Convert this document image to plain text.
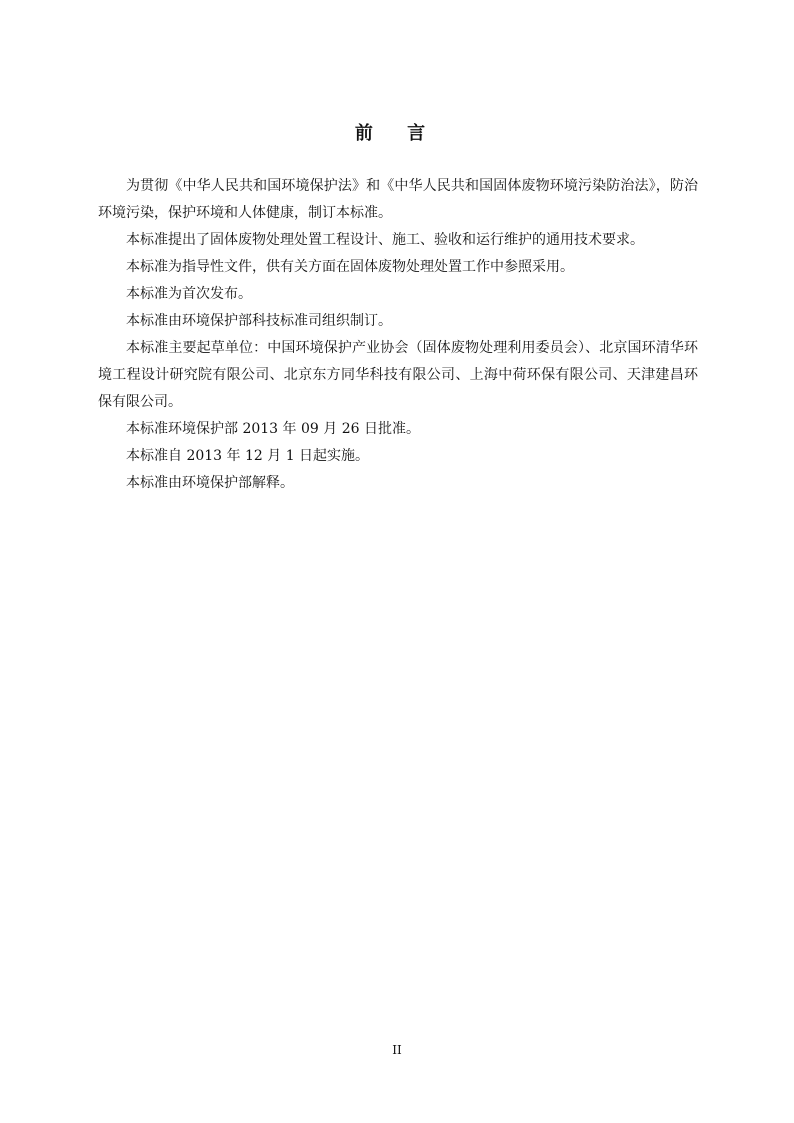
前 言

为贯彻《中华人民共和国环境保护法》和《中华人民共和国固体废物环境污染防治法》，防治环境污染，保护环境和人体健康，制订本标准。

本标准提出了固体废物处理处置工程设计、施工、验收和运行维护的通用技术要求。

本标准为指导性文件，供有关方面在固体废物处理处置工作中参照采用。

本标准为首次发布。

本标准由环境保护部科技标准司组织制订。

本标准主要起草单位：中国环境保护产业协会（固体废物处理利用委员会）、北京国环清华环境工程设计研究院有限公司、北京东方同华科技有限公司、上海中荷环保有限公司、天津建昌环保有限公司。

本标准环境保护部 2013 年 09 月 26 日批准。

本标准自 2013 年 12 月 1 日起实施。

本标准由环境保护部解释。

II
